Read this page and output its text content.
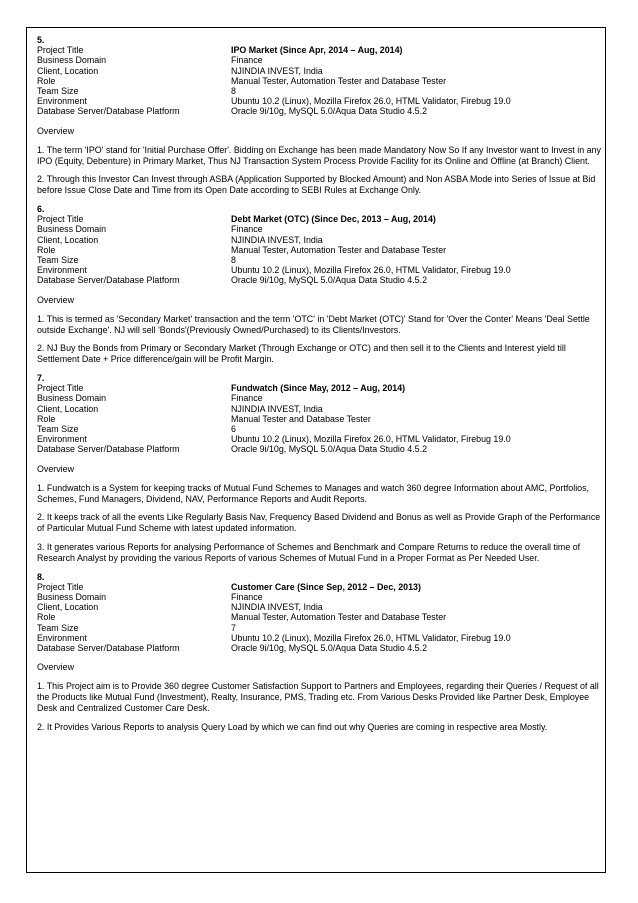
5.
Project Title	IPO Market (Since Apr, 2014 – Aug, 2014)
Business Domain	Finance
Client, Location	NJINDIA INVEST, India
Role	Manual Tester, Automation Tester and Database Tester
Team Size	8
Environment	Ubuntu 10.2 (Linux), Mozilla Firefox 26.0, HTML Validator, Firebug 19.0
Database Server/Database Platform	Oracle 9i/10g, MySQL 5.0/Aqua Data Studio 4.5.2
Overview
1. The term 'IPO' stand for 'Initial Purchase Offer'. Bidding on Exchange has been made Mandatory Now So If any Investor want to Invest in any IPO (Equity, Debenture) in Primary Market, Thus NJ Transaction System Process Provide Facility for its Online and Offline (at Branch) Client.
2. Through this Investor Can Invest through ASBA (Application Supported by Blocked Amount) and Non ASBA Mode into Series of Issue at Bid before Issue Close Date and Time from its Open Date according to SEBI Rules at Exchange Only.
6.
Project Title	Debt Market (OTC) (Since Dec, 2013 – Aug, 2014)
Business Domain	Finance
Client, Location	NJINDIA INVEST, India
Role	Manual Tester, Automation Tester and Database Tester
Team Size	8
Environment	Ubuntu 10.2 (Linux), Mozilla Firefox 26.0, HTML Validator, Firebug 19.0
Database Server/Database Platform	Oracle 9i/10g, MySQL 5.0/Aqua Data Studio 4.5.2
Overview
1. This is termed as 'Secondary Market' transaction and the term 'OTC' in 'Debt Market (OTC)' Stand for 'Over the Conter' Means 'Deal Settle outside Exchange'. NJ will sell 'Bonds'(Previously Owned/Purchased) to its Clients/Investors.
2. NJ Buy the Bonds from Primary or Secondary Market (Through Exchange or OTC) and then sell it to the Clients and Interest yield till Settlement Date + Price difference/gain will be Profit Margin.
7.
Project Title	Fundwatch (Since May, 2012 – Aug, 2014)
Business Domain	Finance
Client, Location	NJINDIA INVEST, India
Role	Manual Tester and Database Tester
Team Size	6
Environment	Ubuntu 10.2 (Linux), Mozilla Firefox 26.0, HTML Validator, Firebug 19.0
Database Server/Database Platform	Oracle 9i/10g, MySQL 5.0/Aqua Data Studio 4.5.2
Overview
1. Fundwatch is a System for keeping tracks of Mutual Fund Schemes to Manages and watch 360 degree Information about AMC, Portfolios, Schemes, Fund Managers, Dividend, NAV, Performance Reports and Audit Reports.
2. It keeps track of all the events Like Regularly Basis Nav, Frequency Based Dividend and Bonus as well as Provide Graph of the Performance of Particular Mutual Fund Scheme with latest updated information.
3. It generates various Reports for analysing Performance of Schemes and Benchmark and Compare Returns to reduce the overall time of Research Analyst by providing the various Reports of various Schemes of Mutual Fund in a Proper Format as Per Needed User.
8.
Project Title	Customer Care (Since Sep, 2012 – Dec, 2013)
Business Domain	Finance
Client, Location	NJINDIA INVEST, India
Role	Manual Tester, Automation Tester and Database Tester
Team Size	7
Environment	Ubuntu 10.2 (Linux), Mozilla Firefox 26.0, HTML Validator, Firebug 19.0
Database Server/Database Platform	Oracle 9i/10g, MySQL 5.0/Aqua Data Studio 4.5.2
Overview
1. This Project aim is to Provide 360 degree Customer Satisfaction Support to Partners and Employees, regarding their Queries / Request of all the Products like Mutual Fund (Investment), Realty, Insurance, PMS, Trading etc. From Various Desks Provided like Partner Desk, Employee Desk and Centralized Customer Care Desk.
2. It Provides Various Reports to analysis Query Load by which we can find out why Queries are coming in respective area Mostly.
